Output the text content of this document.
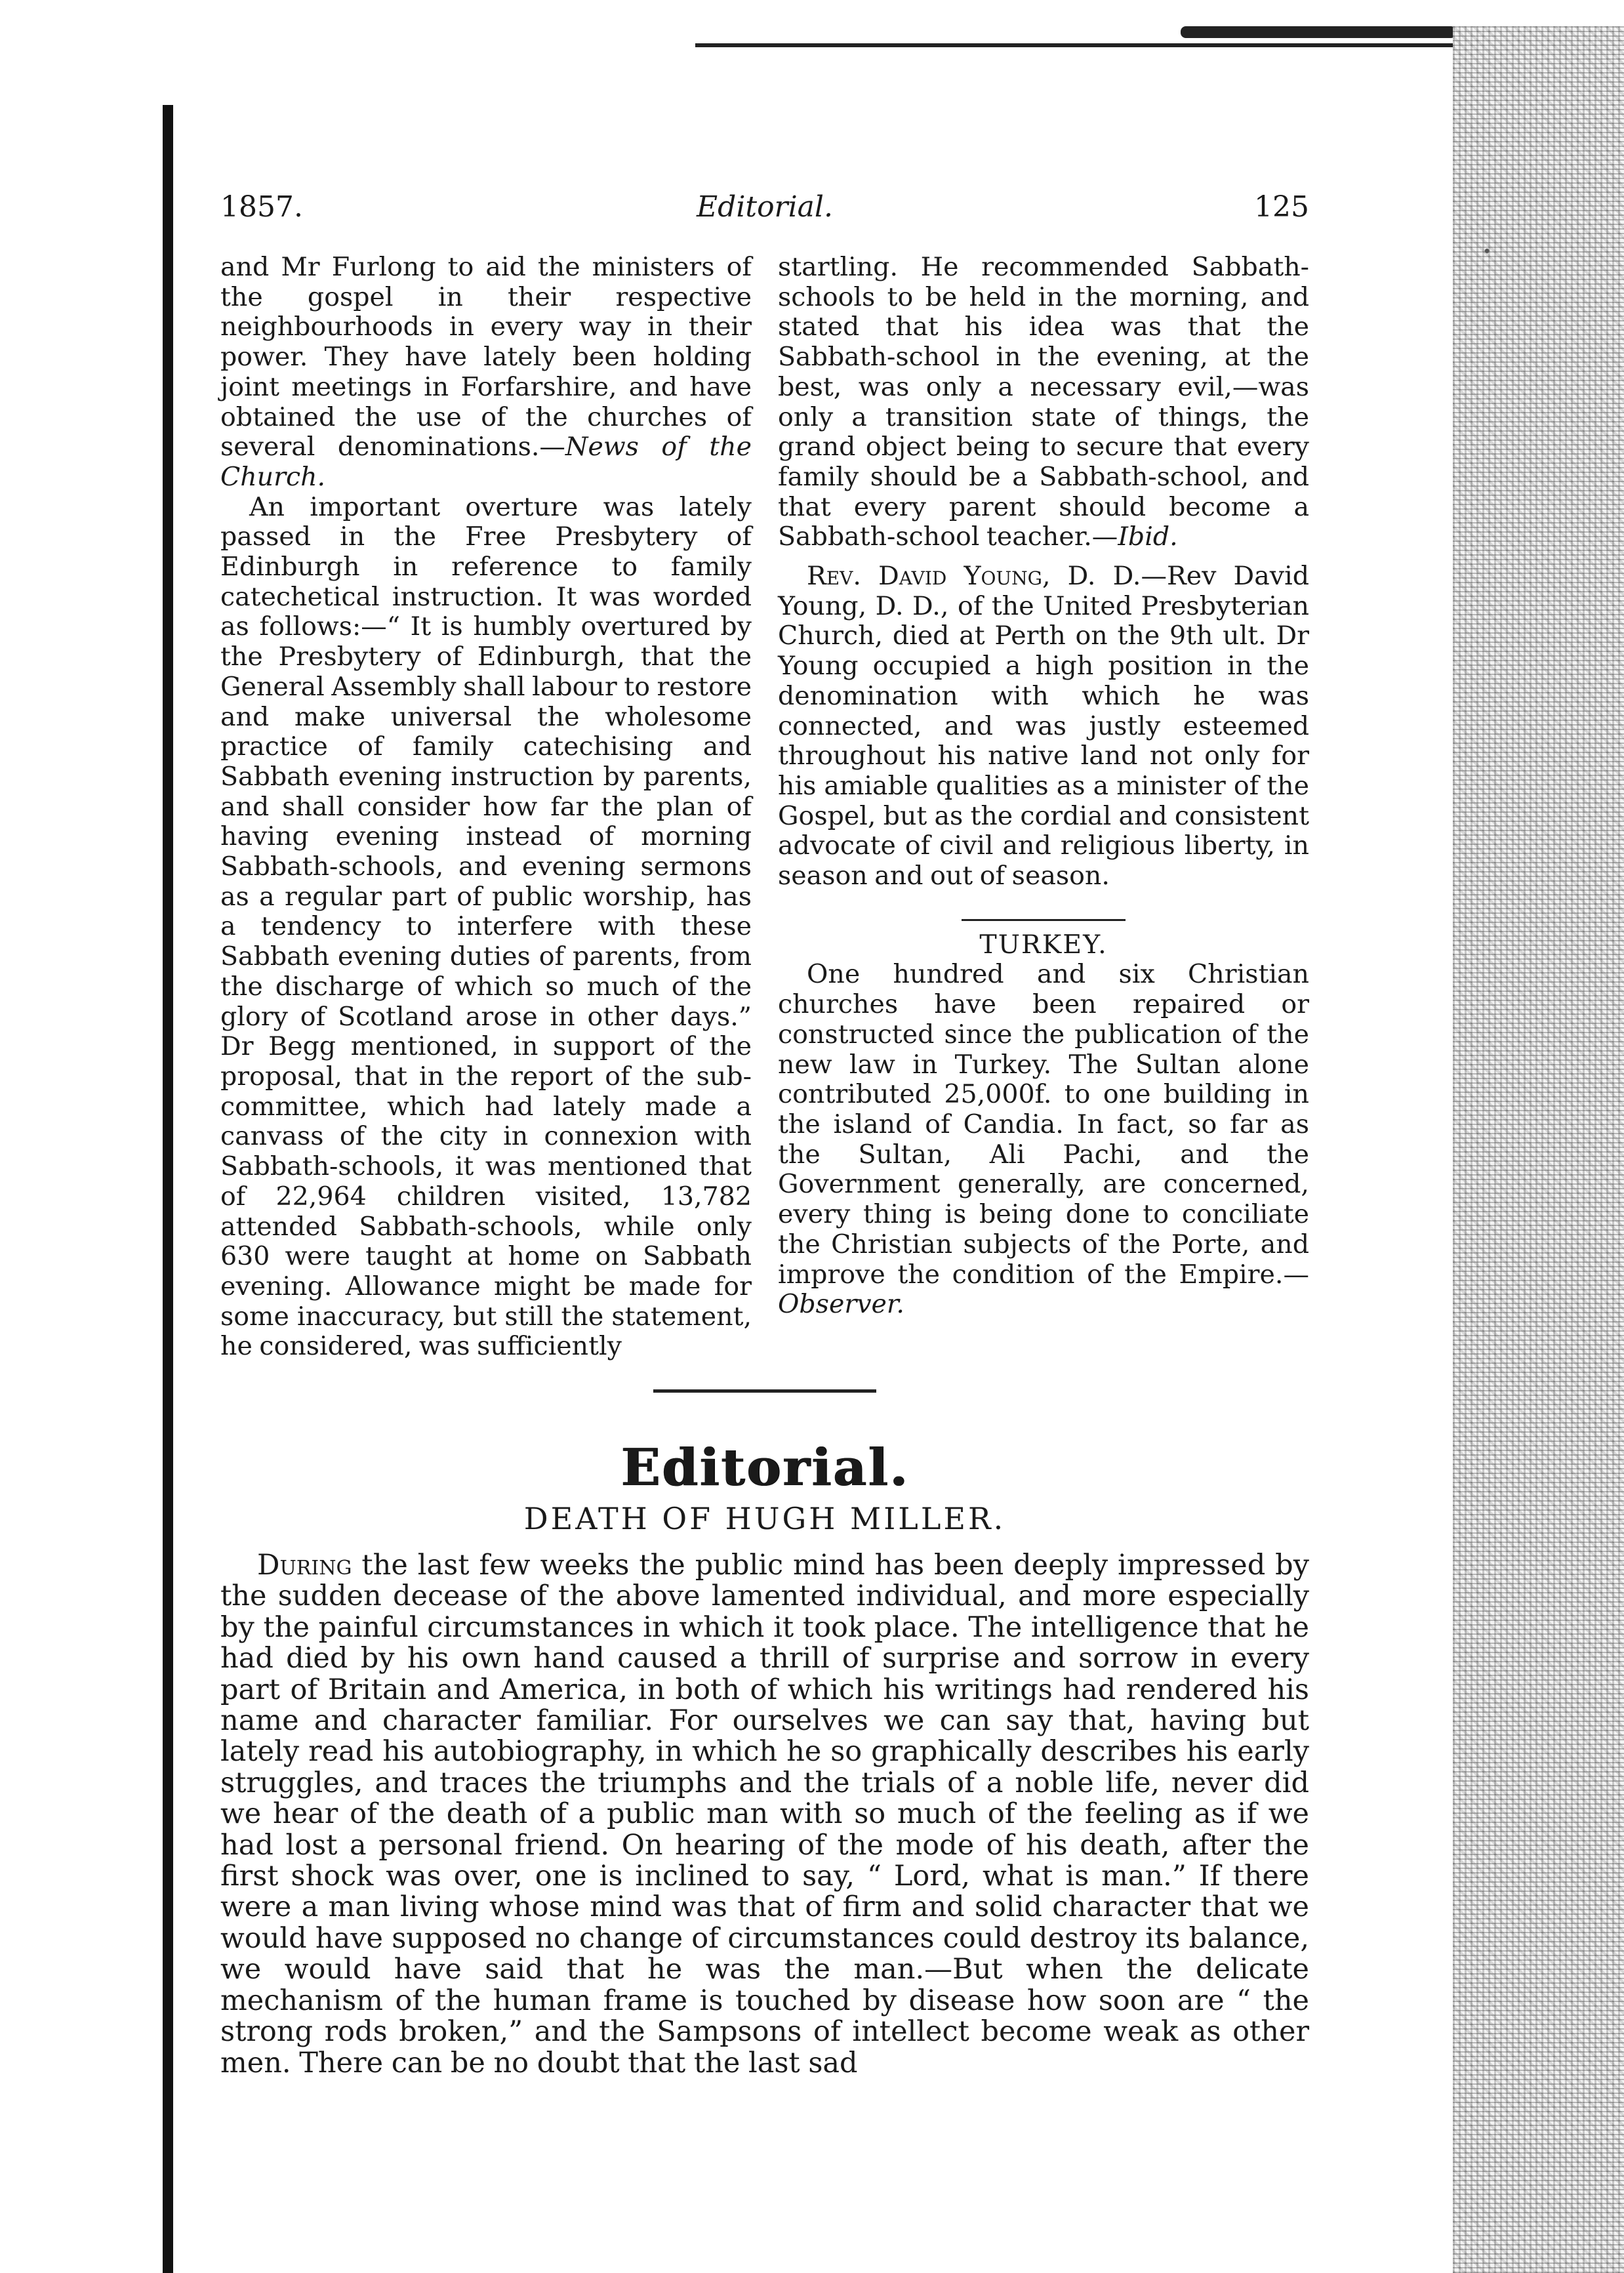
1857.	Editorial.	125

and Mr Furlong to aid the ministers of the gospel in their respective neighbourhoods in every way in their power. They have lately been holding joint meetings in Forfarshire, and have obtained the use of the churches of several denominations.—News of the Church.

An important overture was lately passed in the Free Presbytery of Edinburgh in reference to family catechetical instruction. It was worded as follows:—“ It is humbly overtured by the Presbytery of Edinburgh, that the General Assembly shall labour to restore and make universal the wholesome practice of family catechising and Sabbath evening instruction by parents, and shall consider how far the plan of having evening instead of morning Sabbath-schools, and evening sermons as a regular part of public worship, has a tendency to interfere with these Sabbath evening duties of parents, from the discharge of which so much of the glory of Scotland arose in other days.” Dr Begg mentioned, in support of the proposal, that in the report of the sub-committee, which had lately made a canvass of the city in connexion with Sabbath-schools, it was mentioned that of 22,964 children visited, 13,782 attended Sabbath-schools, while only 630 were taught at home on Sabbath evening. Allowance might be made for some inaccuracy, but still the statement, he considered, was sufficiently

startling. He recommended Sabbath-schools to be held in the morning, and stated that his idea was that the Sabbath-school in the evening, at the best, was only a necessary evil,—was only a transition state of things, the grand object being to secure that every family should be a Sabbath-school, and that every parent should become a Sabbath-school teacher.—Ibid.

Rev. David Young, D. D.—Rev David Young, D. D., of the United Presbyterian Church, died at Perth on the 9th ult. Dr Young occupied a high position in the denomination with which he was connected, and was justly esteemed throughout his native land not only for his amiable qualities as a minister of the Gospel, but as the cordial and consistent advocate of civil and religious liberty, in season and out of season.

TURKEY.

One hundred and six Christian churches have been repaired or constructed since the publication of the new law in Turkey. The Sultan alone contributed 25,000f. to one building in the island of Candia. In fact, so far as the Sultan, Ali Pachi, and the Government generally, are concerned, every thing is being done to conciliate the Christian subjects of the Porte, and improve the condition of the Empire.—Observer.

Editorial.
DEATH OF HUGH MILLER.

During the last few weeks the public mind has been deeply impressed by the sudden decease of the above lamented individual, and more especially by the painful circumstances in which it took place. The intelligence that he had died by his own hand caused a thrill of surprise and sorrow in every part of Britain and America, in both of which his writings had rendered his name and character familiar. For ourselves we can say that, having but lately read his autobiography, in which he so graphically describes his early struggles, and traces the triumphs and the trials of a noble life, never did we hear of the death of a public man with so much of the feeling as if we had lost a personal friend. On hearing of the mode of his death, after the first shock was over, one is inclined to say, “ Lord, what is man.” If there were a man living whose mind was that of firm and solid character that we would have supposed no change of circumstances could destroy its balance, we would have said that he was the man.—But when the delicate mechanism of the human frame is touched by disease how soon are “ the strong rods broken,” and the Sampsons of intellect become weak as other men. There can be no doubt that the last sad
